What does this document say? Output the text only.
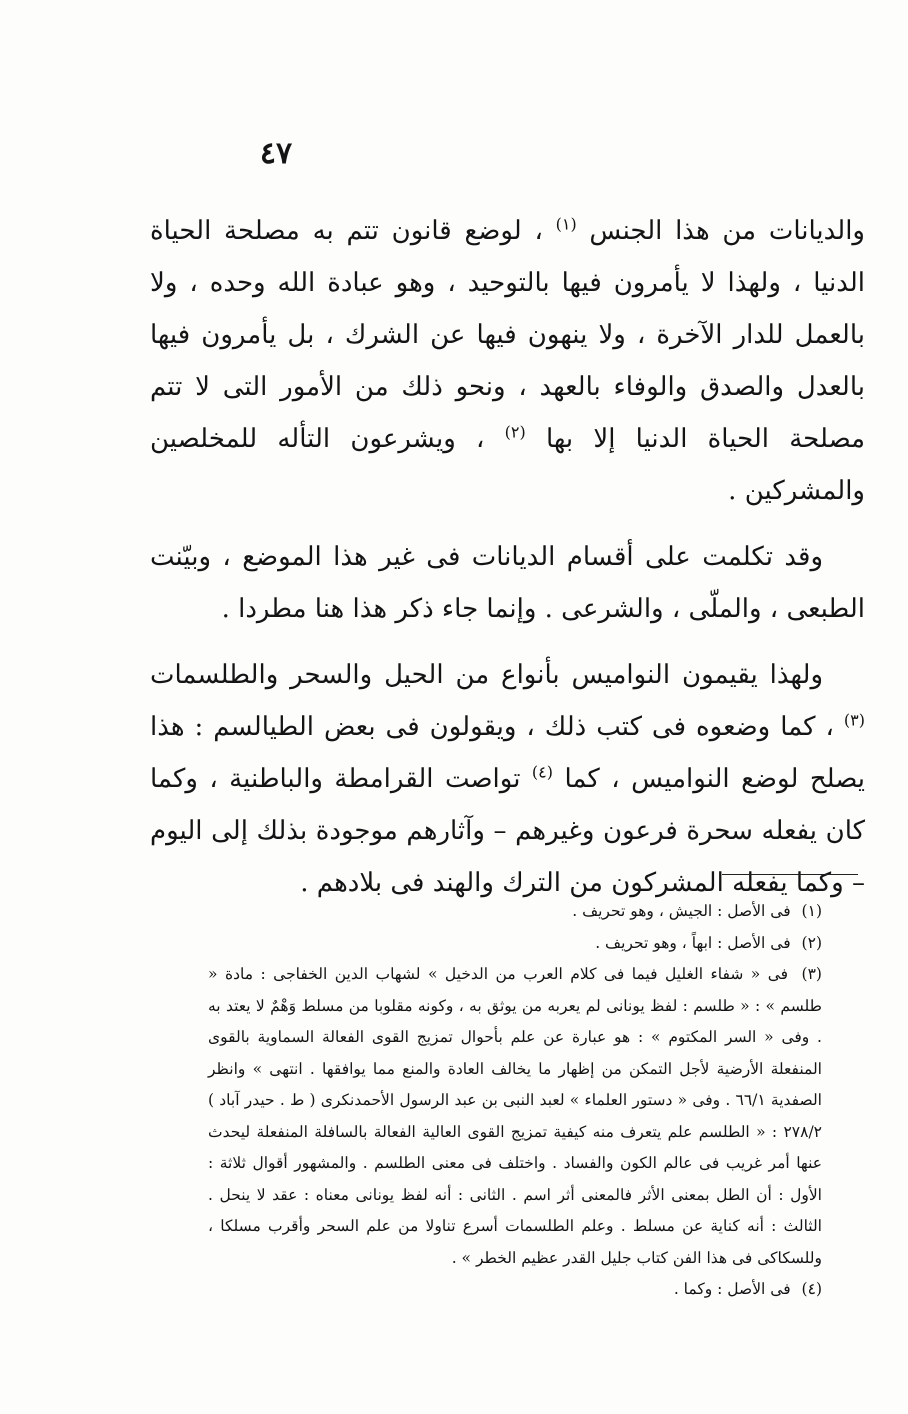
٤٧

والديانات من هذا الجنس $^{(١)}$ ، لوضع قانون تتم به مصلحة الحياة الدنيا ، ولهذا لا يأمرون فيها بالتوحيد ، وهو عبادة الله وحده ، ولا بالعمل للدار الآخرة ، ولا ينهون فيها عن الشرك ، بل يأمرون فيها بالعدل والصدق والوفاء بالعهد ، ونحو ذلك من الأمور التى لا تتم مصلحة الحياة الدنيا إلا بها $^{(٢)}$ ، ويشرعون التأله للمخلصين والمشركين .

وقد تكلمت على أقسام الديانات فى غير هذا الموضع ، وبيّنت الطبعى ، والملّى ، والشرعى . وإنما جاء ذكر هذا هنا مطردا .

ولهذا يقيمون النواميس بأنواع من الحيل والسحر والطلسمات $^{(٣)}$ ، كما وضعوه فى كتب ذلك ، ويقولون فى بعض الطيالسم : هذا يصلح لوضع النواميس ، كما $^{(٤)}$ تواصت القرامطة والباطنية ، وكما كان يفعله سحرة فرعون وغيرهم – وآثارهم موجودة بذلك إلى اليوم – وكما يفعله المشركون من الترك والهند فى بلادهم .

(١) فى الأصل : الجيش ، وهو تحريف .

(٢) فى الأصل : ابهاً ، وهو تحريف .

(٣) فى « شفاء الغليل فيما فى كلام العرب من الدخيل » لشهاب الدين الخفاجى : مادة « طلسم » : « طلسم : لفظ يونانى لم يعربه من يوثق به ، وكونه مقلوبا من مسلط وَهْمٌ لا يعتد به . وفى « السر المكتوم » : هو عبارة عن علم بأحوال تمزيج القوى الفعالة السماوية بالقوى المنفعلة الأرضية لأجل التمكن من إظهار ما يخالف العادة والمنع مما يوافقها . انتهى » وانظر الصفدية ٦٦/١ . وفى « دستور العلماء » لعبد النبى بن عبد الرسول الأحمدنكرى ( ط . حيدر آباد ) ٢٧٨/٢ : « الطلسم علم يتعرف منه كيفية تمزيج القوى العالية الفعالة بالسافلة المنفعلة ليحدث عنها أمر غريب فى عالم الكون والفساد . واختلف فى معنى الطلسم . والمشهور أقوال ثلاثة : الأول : أن الطل بمعنى الأثر فالمعنى أثر اسم . الثانى : أنه لفظ يونانى معناه : عقد لا ينحل . الثالث : أنه كناية عن مسلط . وعلم الطلسمات أسرع تناولا من علم السحر وأقرب مسلكا ، وللسكاكى فى هذا الفن كتاب جليل القدر عظيم الخطر » .

(٤) فى الأصل : وكما .
